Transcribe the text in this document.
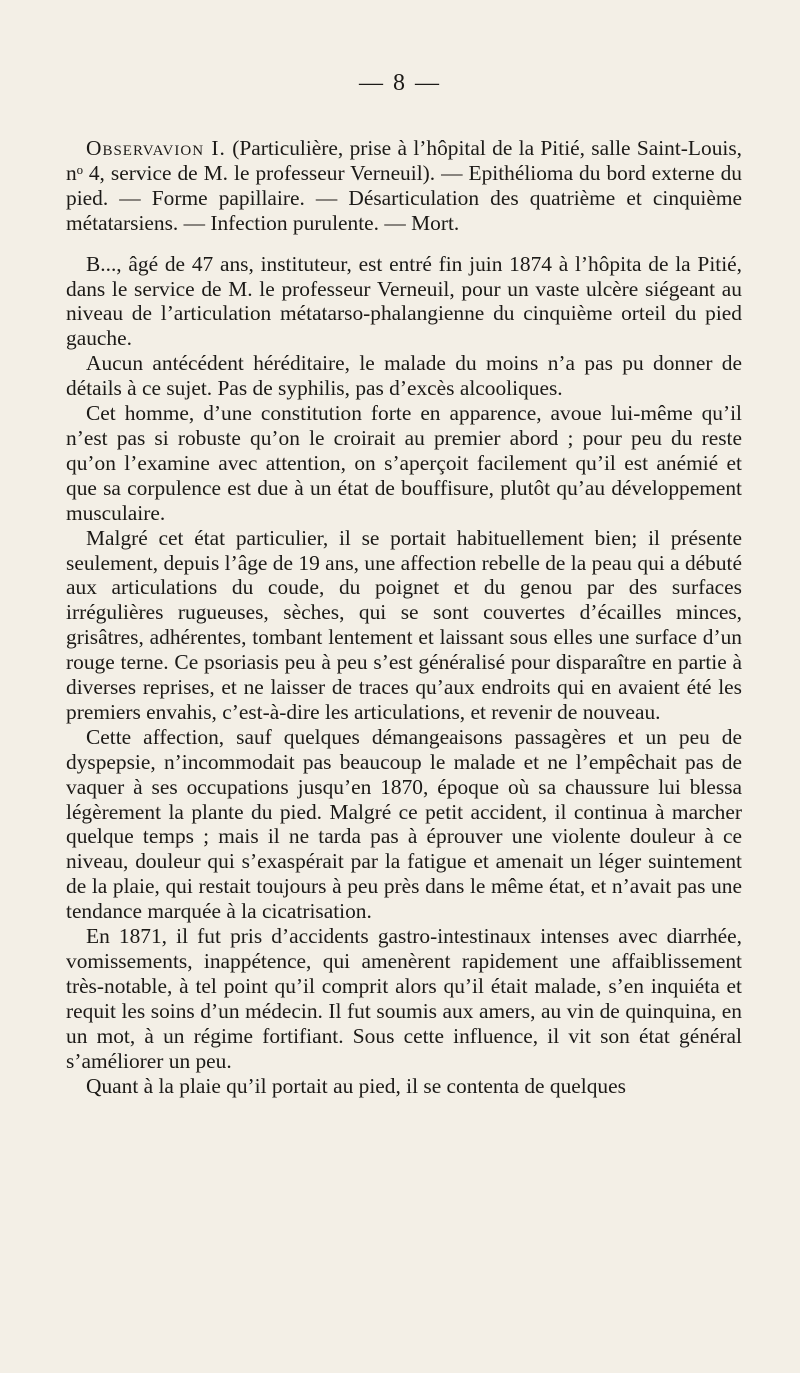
— 8 —

Observavion I. (Particulière, prise à l’hôpital de la Pitié, salle Saint-Louis, nᵒ 4, service de M. le professeur Verneuil). — Epithélioma du bord externe du pied. — Forme papillaire. — Désarticulation des quatrième et cinquième métatarsiens. — Infection purulente. — Mort.

B..., âgé de 47 ans, instituteur, est entré fin juin 1874 à l’hôpita de la Pitié, dans le service de M. le professeur Verneuil, pour un vaste ulcère siégeant au niveau de l’articulation métatarso-phalangienne du cinquième orteil du pied gauche.

Aucun antécédent héréditaire, le malade du moins n’a pas pu donner de détails à ce sujet. Pas de syphilis, pas d’excès alcooliques.

Cet homme, d’une constitution forte en apparence, avoue lui-même qu’il n’est pas si robuste qu’on le croirait au premier abord ; pour peu du reste qu’on l’examine avec attention, on s’aperçoit facilement qu’il est anémié et que sa corpulence est due à un état de bouffisure, plutôt qu’au développement musculaire.

Malgré cet état particulier, il se portait habituellement bien; il présente seulement, depuis l’âge de 19 ans, une affection rebelle de la peau qui a débuté aux articulations du coude, du poignet et du genou par des surfaces irrégulières rugueuses, sèches, qui se sont couvertes d’écailles minces, grisâtres, adhérentes, tombant lentement et laissant sous elles une surface d’un rouge terne. Ce psoriasis peu à peu s’est généralisé pour disparaître en partie à diverses reprises, et ne laisser de traces qu’aux endroits qui en avaient été les premiers envahis, c’est-à-dire les articulations, et revenir de nouveau.

Cette affection, sauf quelques démangeaisons passagères et un peu de dyspepsie, n’incommodait pas beaucoup le malade et ne l’empêchait pas de vaquer à ses occupations jusqu’en 1870, époque où sa chaussure lui blessa légèrement la plante du pied. Malgré ce petit accident, il continua à marcher quelque temps ; mais il ne tarda pas à éprouver une violente douleur à ce niveau, douleur qui s’exaspérait par la fatigue et amenait un léger suintement de la plaie, qui restait toujours à peu près dans le même état, et n’avait pas une tendance marquée à la cicatrisation.

En 1871, il fut pris d’accidents gastro-intestinaux intenses avec diarrhée, vomissements, inappétence, qui amenèrent rapidement une affaiblissement très-notable, à tel point qu’il comprit alors qu’il était malade, s’en inquiéta et requit les soins d’un médecin. Il fut soumis aux amers, au vin de quinquina, en un mot, à un régime fortifiant. Sous cette influence, il vit son état général s’améliorer un peu.

Quant à la plaie qu’il portait au pied, il se contenta de quelques
